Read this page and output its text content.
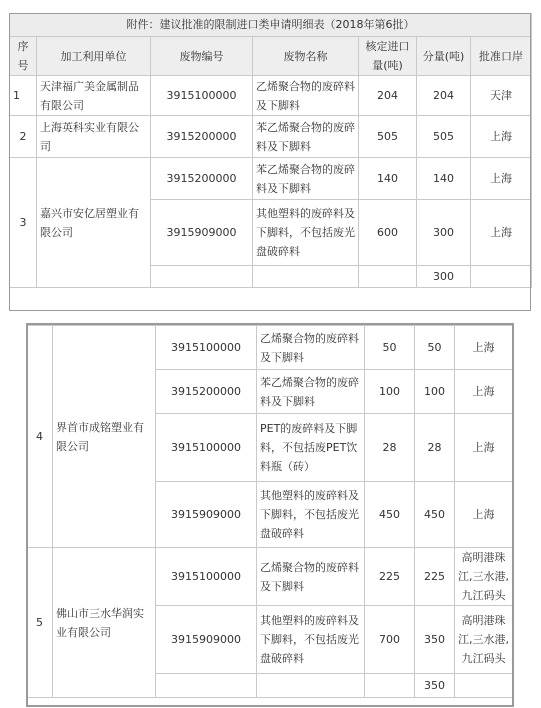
附件：建议批准的限制进口类申请明细表（2018年第6批）						
序号	加工利用单位	废物编号	废物名称	核定进口量(吨)	分量(吨)	批准口岸
1	天津福广美金属制品有限公司	3915100000	乙烯聚合物的废碎料及下脚料	204	204	天津
2	上海英科实业有限公司	3915200000	苯乙烯聚合物的废碎料及下脚料	505	505	上海
3	嘉兴市安亿居塑业有限公司	3915200000	苯乙烯聚合物的废碎料及下脚料	140	140	上海
		3915909000	其他塑料的废碎料及下脚料，不包括废光盘破碎料	600	300	上海
					300	
4	界首市成铭塑业有限公司	3915100000	乙烯聚合物的废碎料及下脚料	50	50	上海
		3915200000	苯乙烯聚合物的废碎料及下脚料	100	100	上海
		3915100000	PET的废碎料及下脚料，不包括废PET饮料瓶（砖）	28	28	上海
		3915909000	其他塑料的废碎料及下脚料，不包括废光盘破碎料	450	450	上海
5	佛山市三水华润实业有限公司	3915100000	乙烯聚合物的废碎料及下脚料	225	225	高明港珠江,三水港,九江码头
		3915909000	其他塑料的废碎料及下脚料，不包括废光盘破碎料	700	350	高明港珠江,三水港,九江码头
					350	
